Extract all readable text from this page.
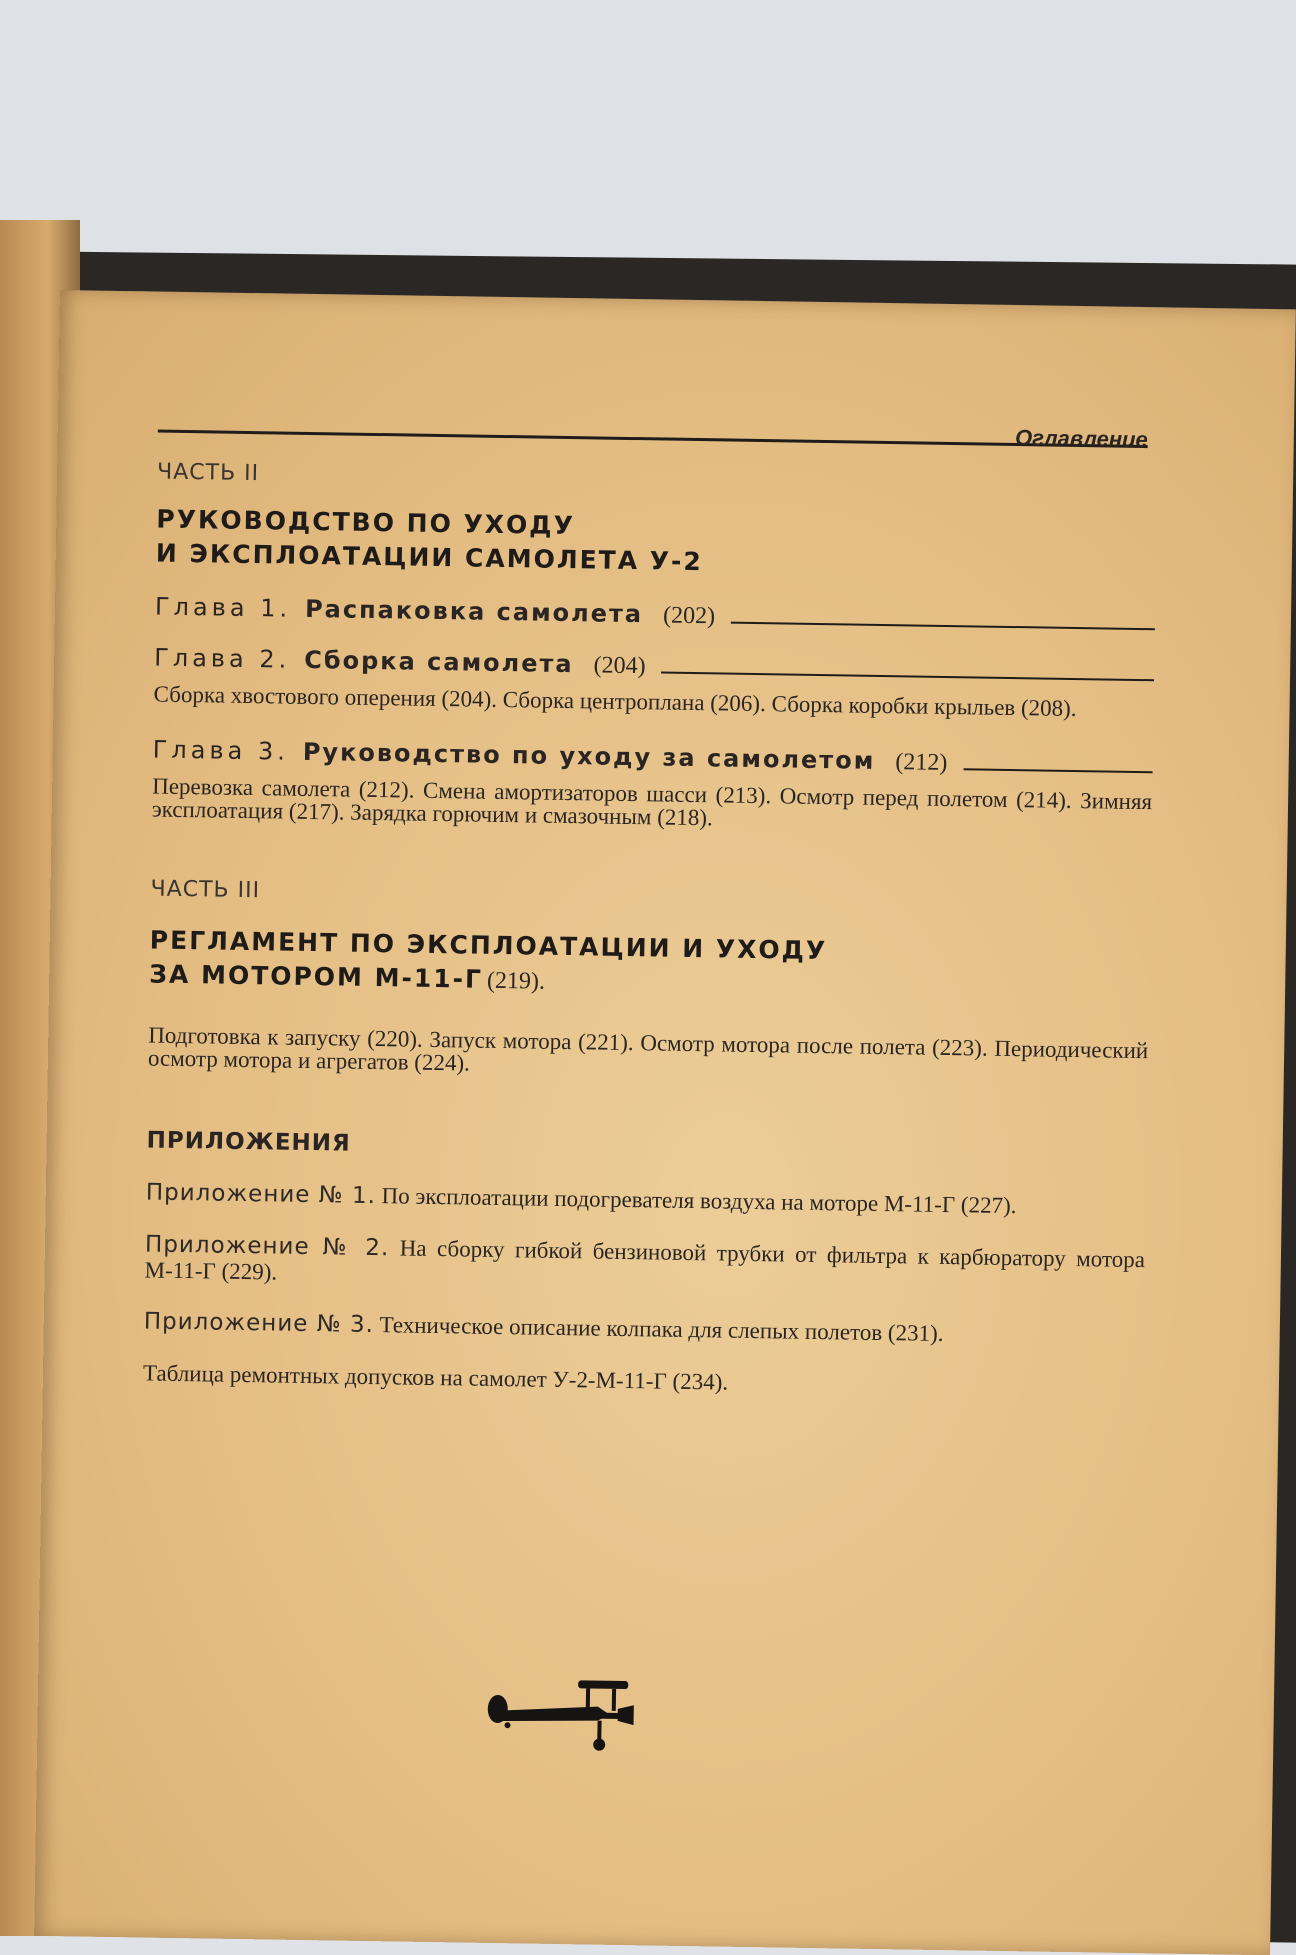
Оглавление
ЧАСТЬ II
РУКОВОДСТВО ПО УХОДУ
И ЭКСПЛОАТАЦИИ САМОЛЕТА У-2
Глава 1. Распаковка самолета (202)
Глава 2. Сборка самолета (204)
Сборка хвостового оперения (204). Сборка центроплана (206). Сборка коробки крыльев (208).
Глава 3. Руководство по уходу за самолетом (212)
Перевозка самолета (212). Смена амортизаторов шасси (213). Осмотр перед полетом (214). Зимняя эксплоатация (217). Зарядка горючим и смазочным (218).
ЧАСТЬ III
РЕГЛАМЕНТ ПО ЭКСПЛОАТАЦИИ И УХОДУ
ЗА МОТОРОМ М-11-Г (219).
Подготовка к запуску (220). Запуск мотора (221). Осмотр мотора после полета (223). Периодический осмотр мотора и агрегатов (224).
ПРИЛОЖЕНИЯ
Приложение № 1. По эксплоатации подогревателя воздуха на моторе М-11-Г (227).
Приложение № 2. На сборку гибкой бензиновой трубки от фильтра к карбюратору мотора М-11-Г (229).
Приложение № 3. Техническое описание колпака для слепых полетов (231).
Таблица ремонтных допусков на самолет У-2-М-11-Г (234).
